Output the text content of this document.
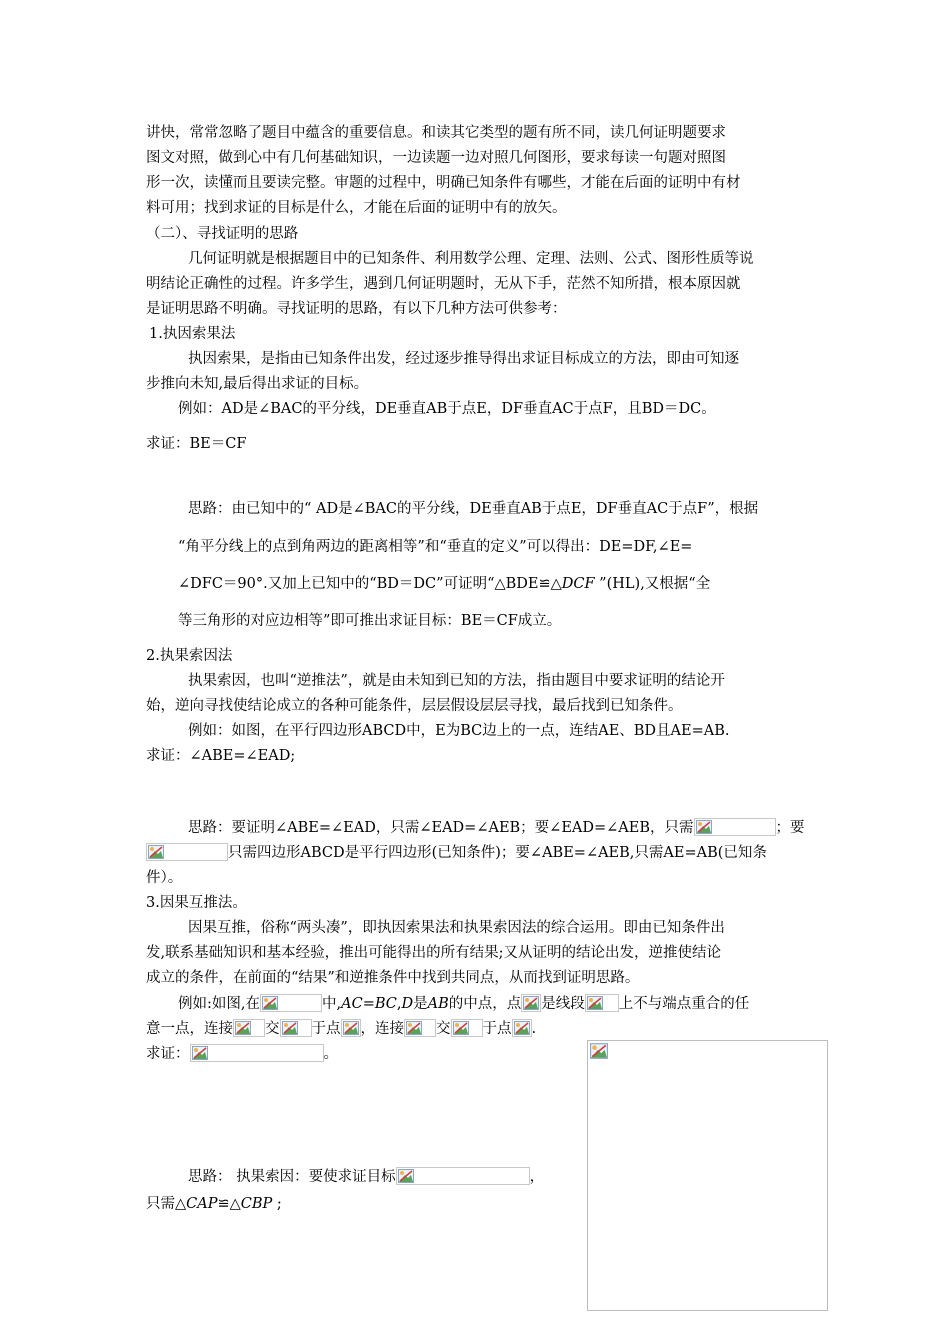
讲快，常常忽略了题目中蕴含的重要信息。和读其它类型的题有所不同，读几何证明题要求
图文对照，做到心中有几何基础知识，一边读题一边对照几何图形，要求每读一句题对照图
形一次，读懂而且要读完整。审题的过程中，明确已知条件有哪些，才能在后面的证明中有材
料可用；找到求证的目标是什么，才能在后面的证明中有的放矢。
（二）、寻找证明的思路
几何证明就是根据题目中的已知条件、利用数学公理、定理、法则、公式、图形性质等说
明结论正确性的过程。许多学生，遇到几何证明题时，无从下手，茫然不知所措，根本原因就
是证明思路不明确。寻找证明的思路，有以下几种方法可供参考：
1.执因索果法
执因索果，是指由已知条件出发，经过逐步推导得出求证目标成立的方法，即由可知逐
步推向未知,最后得出求证的目标。
例如：AD是∠BAC的平分线，DE垂直AB于点E，DF垂直AC于点F，且BD＝DC。
求证：BE＝CF
思路：由已知中的“ AD是∠BAC的平分线，DE垂直AB于点E，DF垂直AC于点F”，根据
“角平分线上的点到角两边的距离相等”和“垂直的定义”可以得出：DE=DF,∠E=
∠DFC＝90°.又加上已知中的“BD＝DC”可证明“△BDE≌△DCF ”(HL),又根据“全
等三角形的对应边相等”即可推出求证目标：BE＝CF成立。
2.执果索因法
执果索因，也叫“逆推法”，就是由未知到已知的方法，指由题目中要求证明的结论开
始，逆向寻找使结论成立的各种可能条件，层层假设层层寻找，最后找到已知条件。
例如：如图，在平行四边形ABCD中，E为BC边上的一点，连结AE、BD且AE=AB.
求证：∠ABE=∠EAD;
思路：要证明∠ABE=∠EAD，只需∠EAD=∠AEB；要∠EAD=∠AEB，只需	；要
只需四边形ABCD是平行四边形(已知条件)；要∠ABE=∠AEB,只需AE=AB(已知条
件）。
3.因果互推法。
因果互推，俗称“两头凑”，即执因索果法和执果索因法的综合运用。即由已知条件出
发,联系基础知识和基本经验，推出可能得出的所有结果;又从证明的结论出发，逆推使结论
成立的条件，在前面的“结果”和逆推条件中找到共同点，从而找到证明思路。
例如:如图,在	中,AC=BC,D是AB的中点，点 是线段 上不与端点重合的任
意一点，连接 交 于点 ，连接 交 于点 .
求证：	。
思路： 执果索因：要使求证目标	，
只需△CAP≌△CBP ;
